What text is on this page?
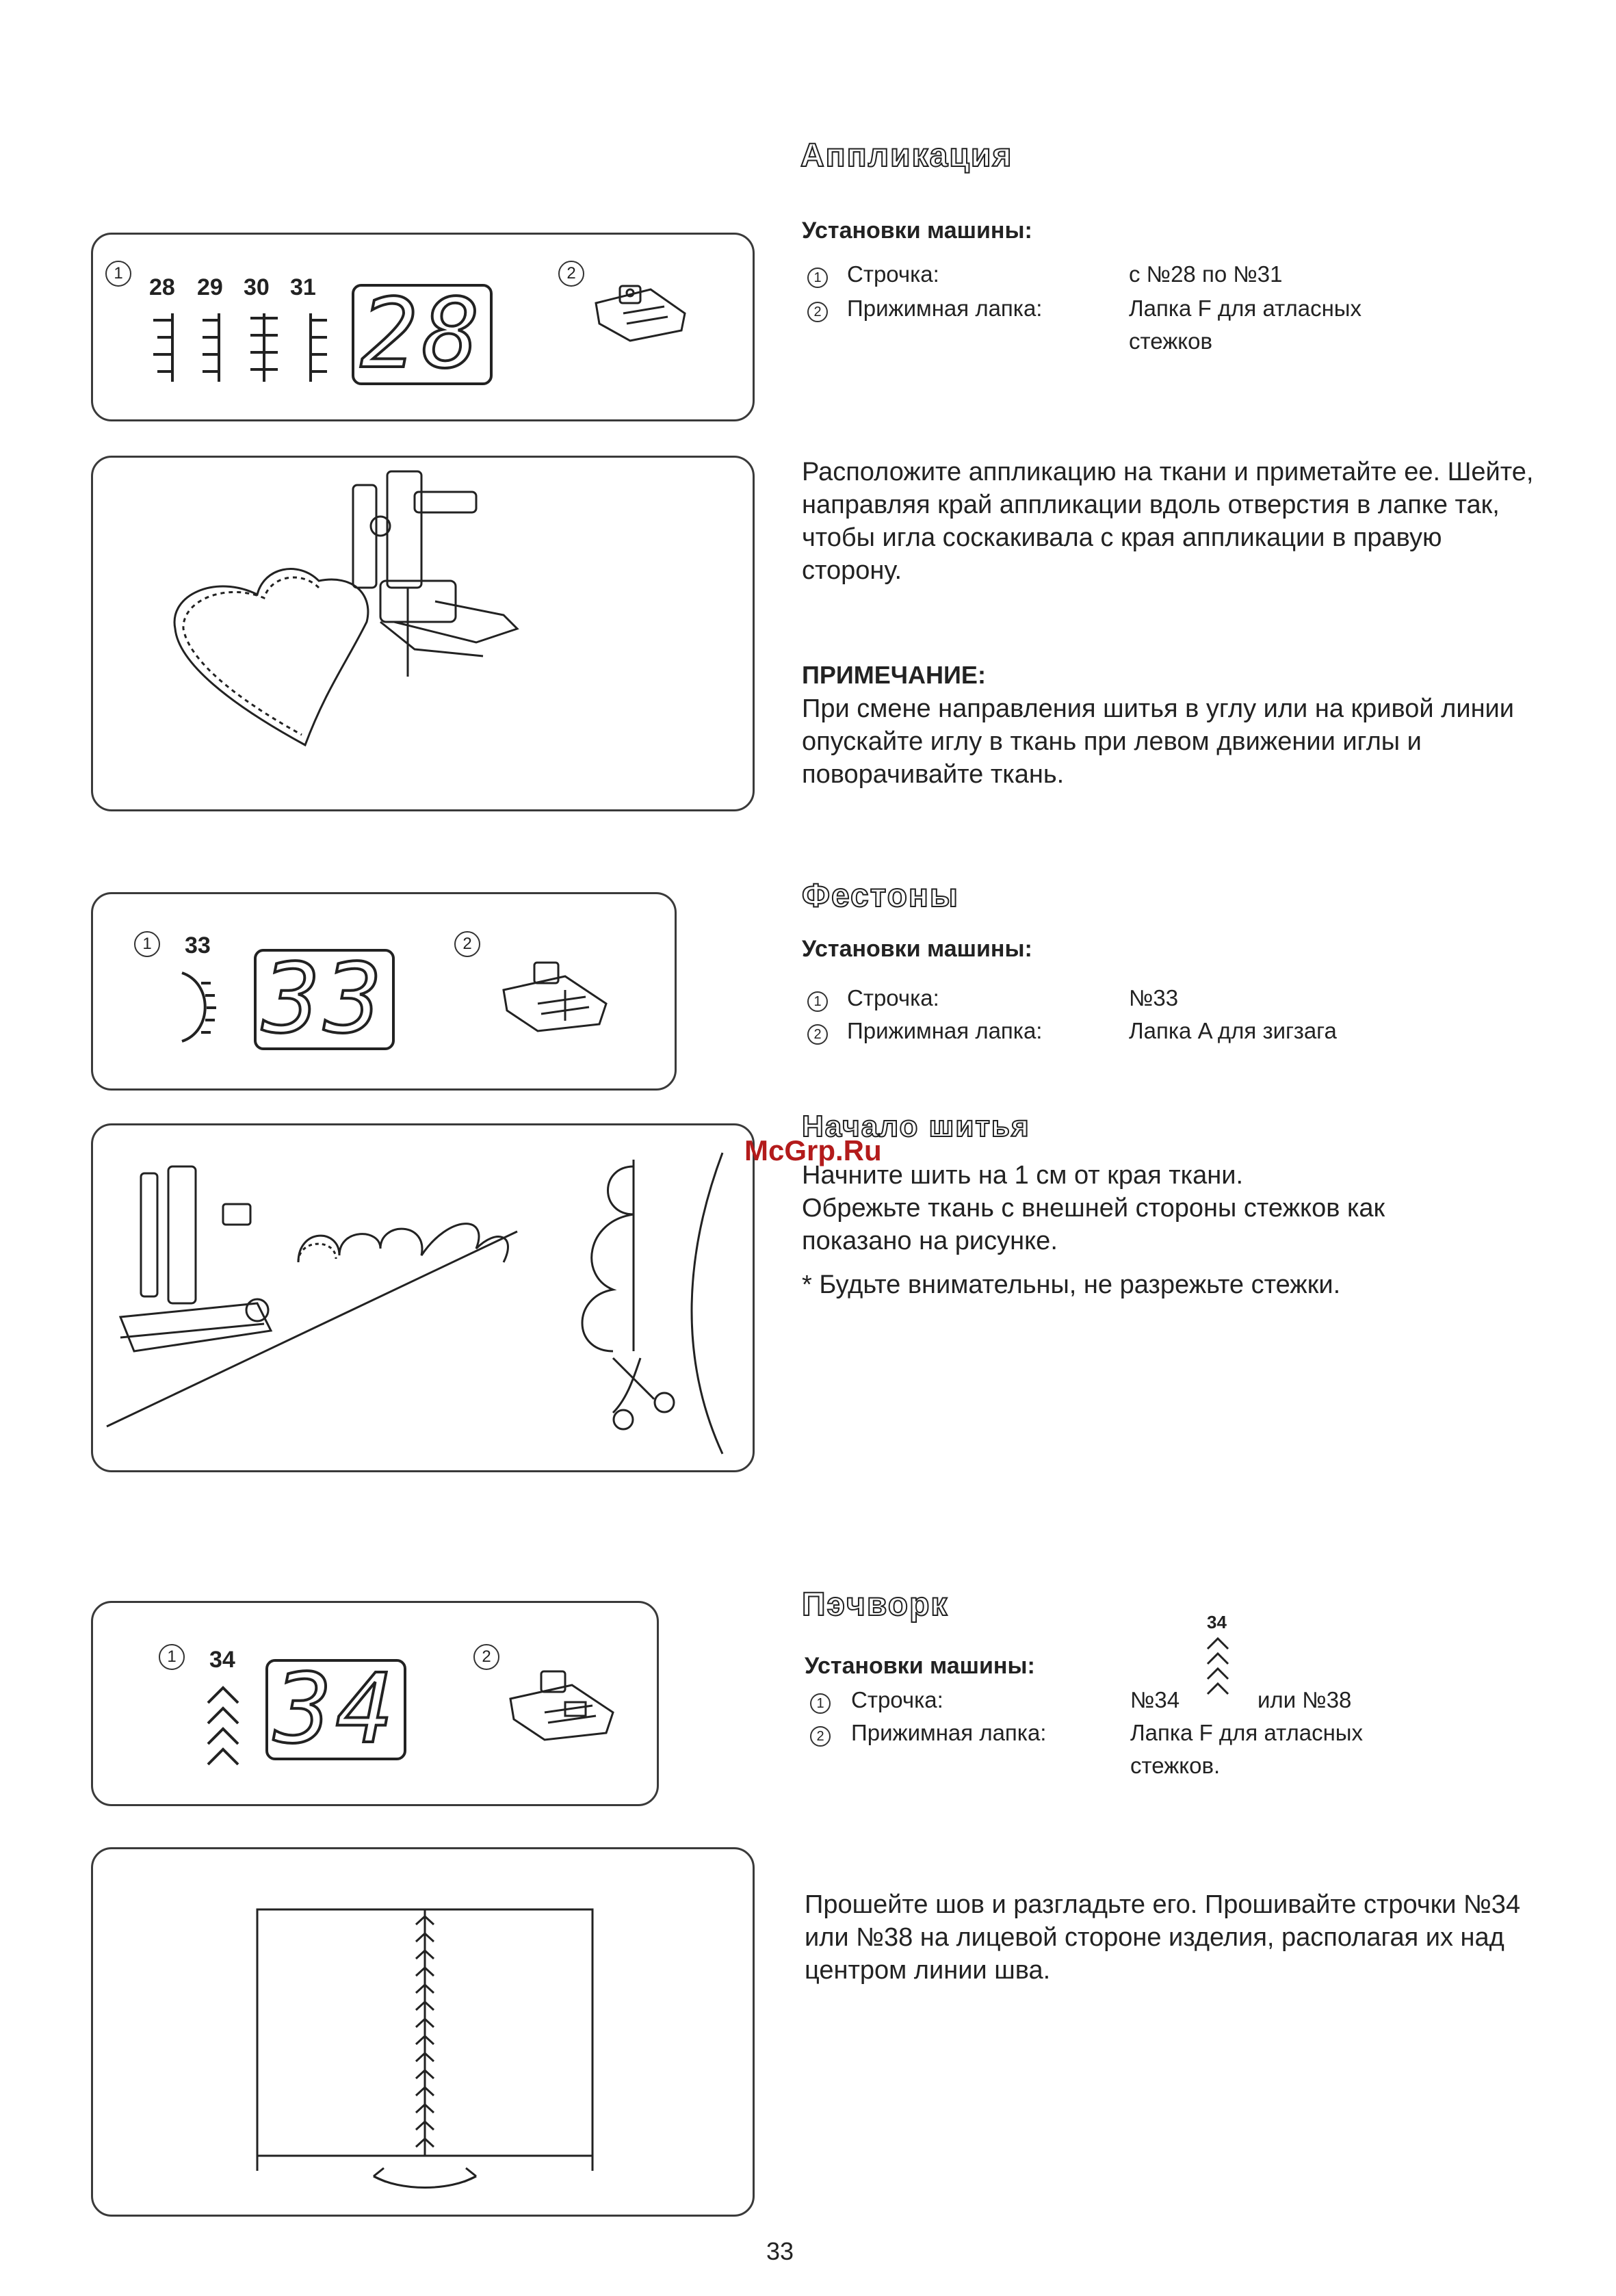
Аппликация
1
28 29 30 31 28
2
Установки машины:
1 Строчка:	с №28 по №31
2 Прижимная лапка:	Лапка F для атласных
стежков
Расположите аппликацию на ткани и приметайте ее. Шейте, направляя край аппликации вдоль отверстия в лапке так, чтобы игла соскакивала с края аппликации в правую сторону.
ПРИМЕЧАНИЕ:
При смене направления шитья в углу или на кривой линии опускайте иглу в ткань при левом движении иглы и поворачивайте ткань.
Фестоны
1	33 33	2	Установки машины:
1 Строчка:	№33
2 Прижимная лапка:	Лапка A для зигзага
McGrp.Ru
Начало шитья
Начните шить на 1 см от края ткани.
Обрежьте ткань с внешней стороны стежков как
показано на рисунке.
* Будьте внимательны, не разрежьте стежки.
Пэчворк
1	34 34	2
34
Установки машины:
1 Строчка:	№34	или №38
2 Прижимная лапка:	Лапка F для атласных
стежков.
Прошейте шов и разгладьте его. Прошивайте строчки №34 или №38 на лицевой стороне изделия, располагая их над центром линии шва.
33
